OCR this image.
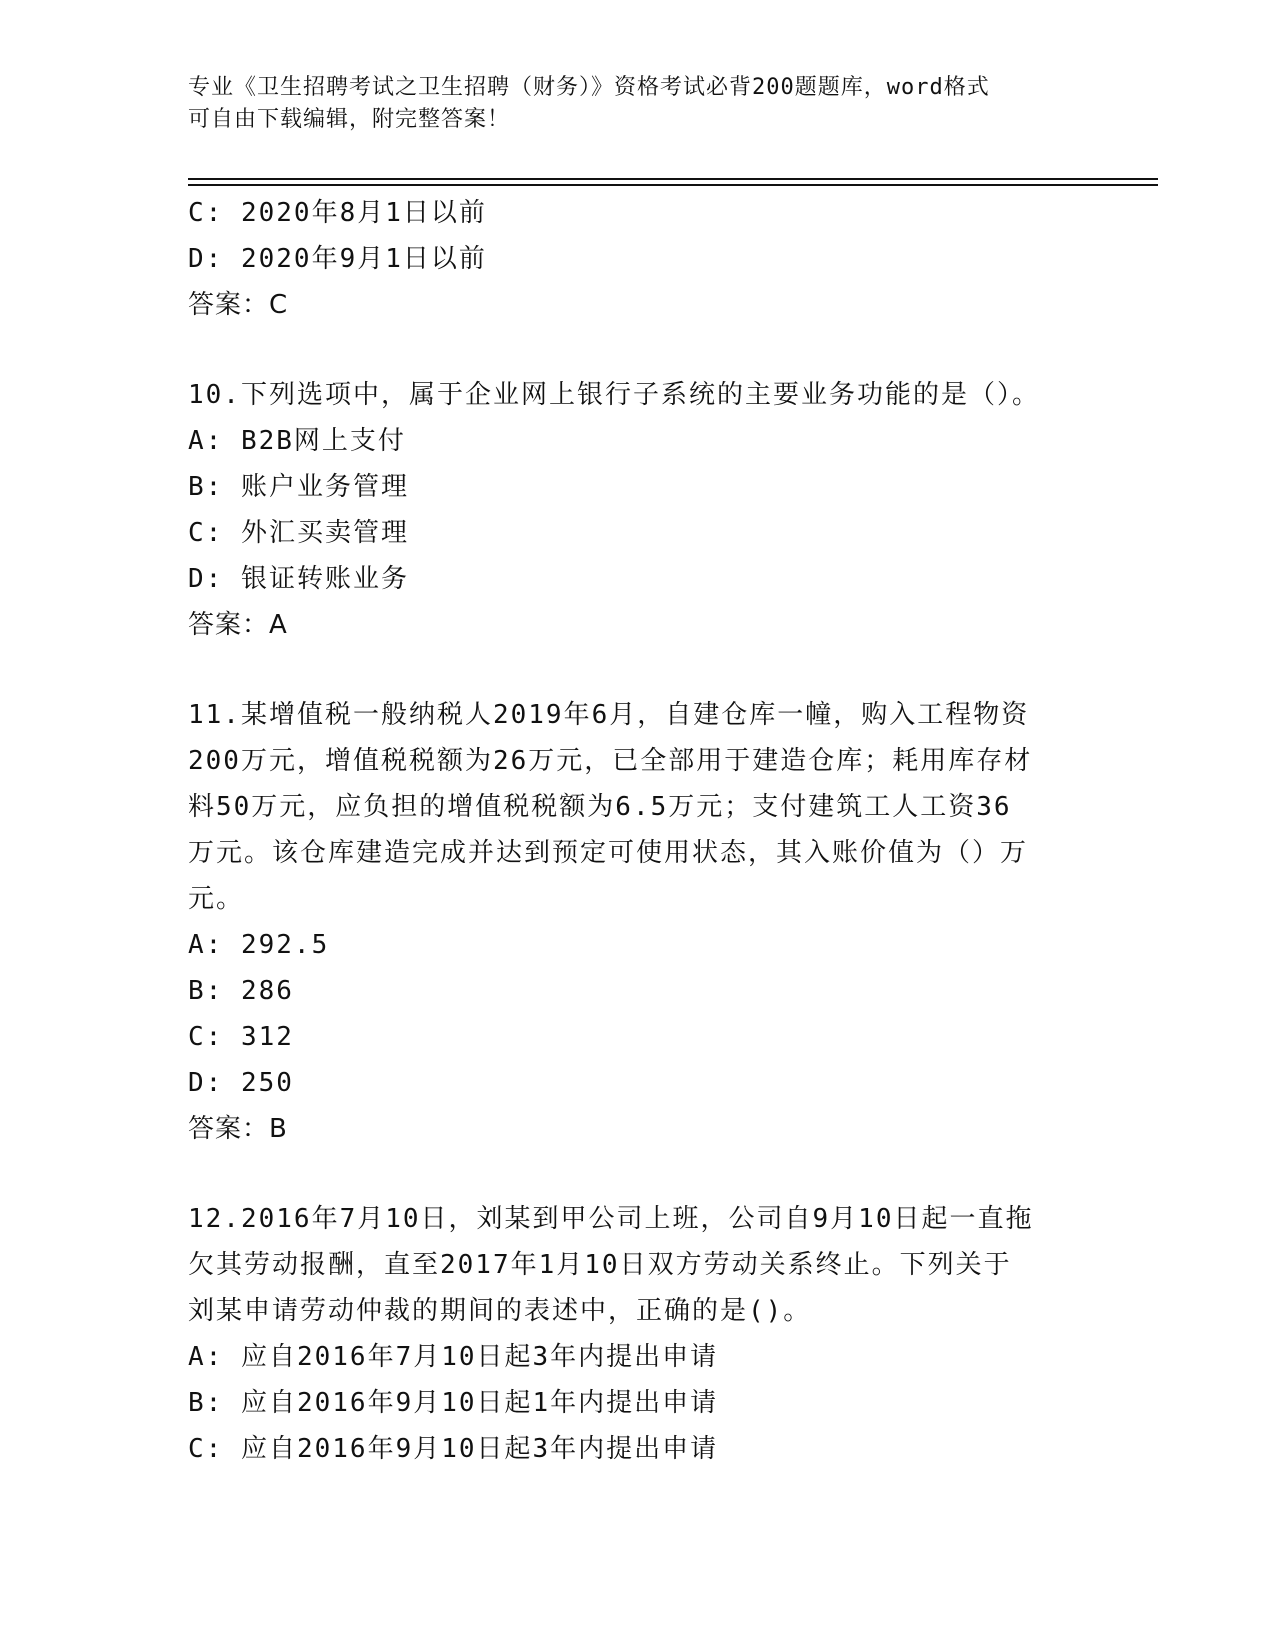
专业《卫生招聘考试之卫生招聘（财务）》资格考试必背200题题库，word格式
可自由下载编辑，附完整答案！
C: 2020年8月1日以前
D: 2020年9月1日以前
答案：C
10.下列选项中，属于企业网上银行子系统的主要业务功能的是（）。
A: B2B网上支付
B: 账户业务管理
C: 外汇买卖管理
D: 银证转账业务
答案：A
11.某增值税一般纳税人2019年6月，自建仓库一幢，购入工程物资
200万元，增值税税额为26万元，已全部用于建造仓库；耗用库存材
料50万元，应负担的增值税税额为6.5万元；支付建筑工人工资36
万元。该仓库建造完成并达到预定可使用状态，其入账价值为（）万
元。
A: 292.5
B: 286
C: 312
D: 250
答案：B
12.2016年7月10日，刘某到甲公司上班，公司自9月10日起一直拖
欠其劳动报酬，直至2017年1月10日双方劳动关系终止。下列关于
刘某申请劳动仲裁的期间的表述中，正确的是()。
A: 应自2016年7月10日起3年内提出申请
B: 应自2016年9月10日起1年内提出申请
C: 应自2016年9月10日起3年内提出申请
